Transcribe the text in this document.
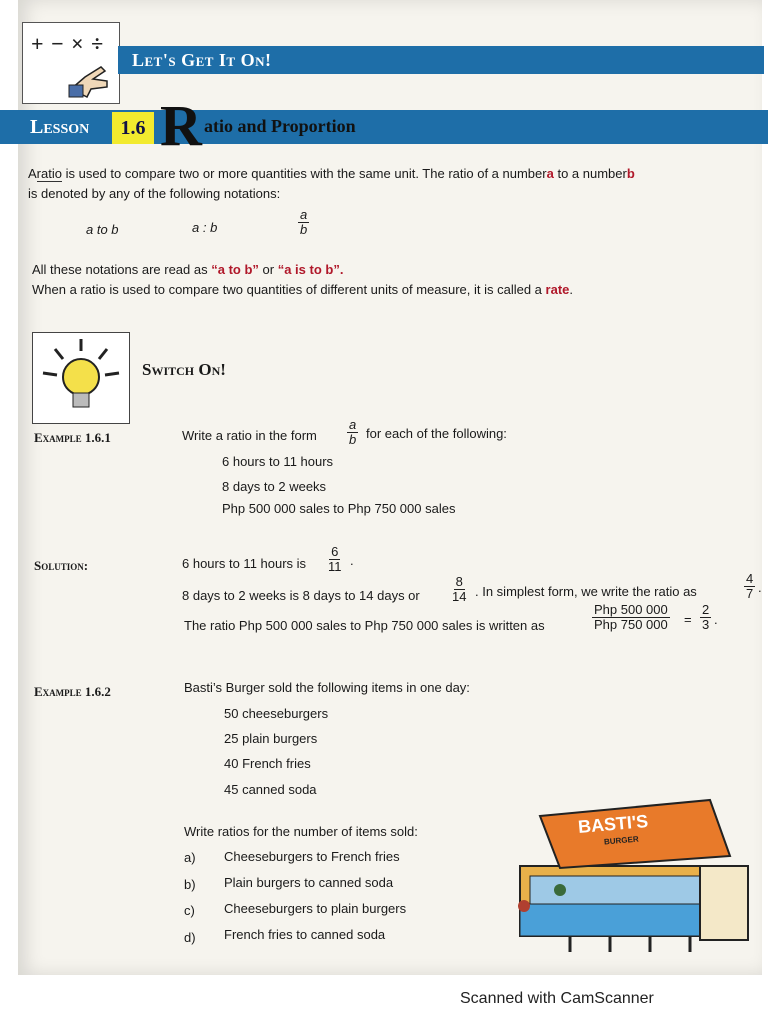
+ − × ÷
Let's Get It On!
Lesson	1.6 R atio and Proportion
Aratio is used to compare two or more quantities with the same unit. The ratio of a numbera to a numberb
is denoted by any of the following notations:
a to b	a : b	$\frac{a}{b}$
All these notations are read as “a to b” or “a is to b”.
When a ratio is used to compare two quantities of different units of measure, it is called a rate.
Switch On!
Example 1.6.1	Write a ratio in the form $\frac{a}{b}$ for each of the following:
6 hours to 11 hours
8 days to 2 weeks
Php 500 000 sales to Php 750 000 sales
Solution:	6 hours to 11 hours is $\frac{6}{11}$ .
8 days to 2 weeks is 8 days to 14 days or $\frac{8}{14}$ . In simplest form, we write the ratio as	$\frac{4}{7}$ .
The ratio Php 500 000 sales to Php 750 000 sales is written as
Php 500 000
Php 750 $000 = \frac{2}{3}$ .
Example 1.6.2	Basti’s Burger sold the following items in one day:
50 cheeseburgers
25 plain burgers
40 French fries
45 canned soda
Write ratios for the number of items sold:
a) Cheeseburgers to French fries
b) Plain burgers to canned soda
c) Cheeseburgers to plain burgers
d) French fries to canned soda
BASTI'S
BURGER
Scanned with CamScanner
